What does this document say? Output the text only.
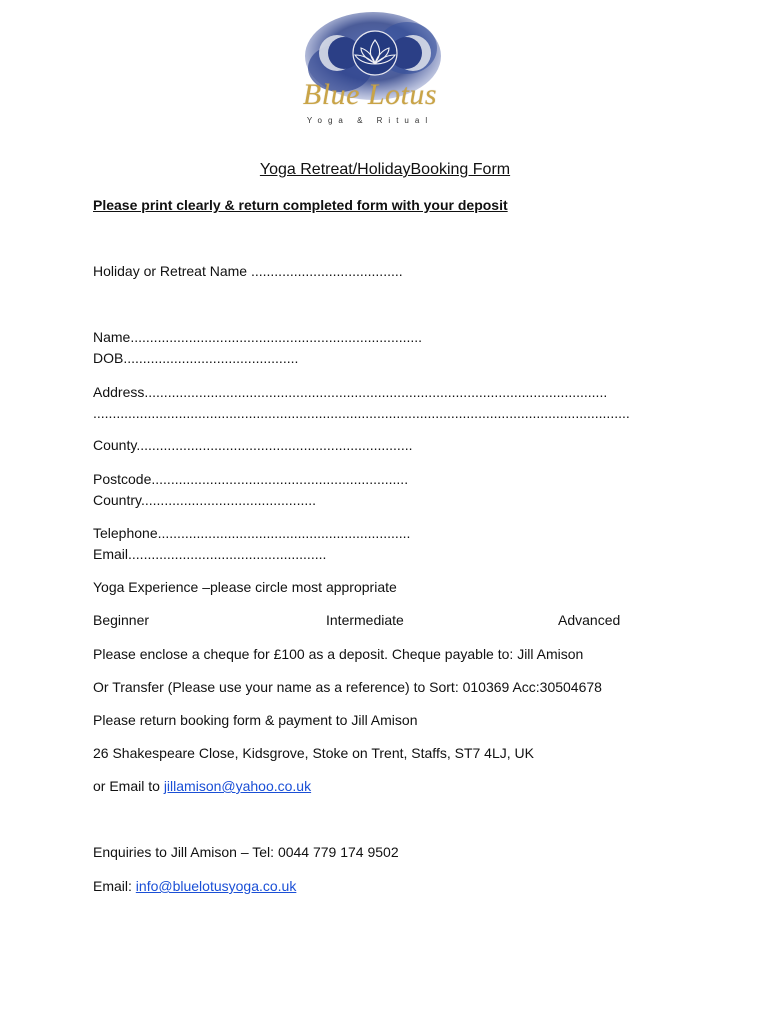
Blue Lotus
Yoga & Ritual
Yoga Retreat/HolidayBooking Form
Please print clearly & return completed form with your deposit
Holiday or Retreat Name .......................................
Name...........................................................................
DOB.............................................
Address.......................................................................................................................
..........................................................................................................................................
County.......................................................................
Postcode..................................................................
Country.............................................
Telephone.................................................................
Email...................................................
Yoga Experience –please circle most appropriate
Beginner	Intermediate	Advanced
Please enclose a cheque for £100 as a deposit. Cheque payable to: Jill Amison
Or Transfer (Please use your name as a reference) to Sort: 010369 Acc:30504678
Please return booking form & payment to Jill Amison
26 Shakespeare Close, Kidsgrove, Stoke on Trent, Staffs, ST7 4LJ, UK
or Email to jillamison@yahoo.co.uk
Enquiries to Jill Amison – Tel: 0044 779 174 9502
Email: info@bluelotusyoga.co.uk
